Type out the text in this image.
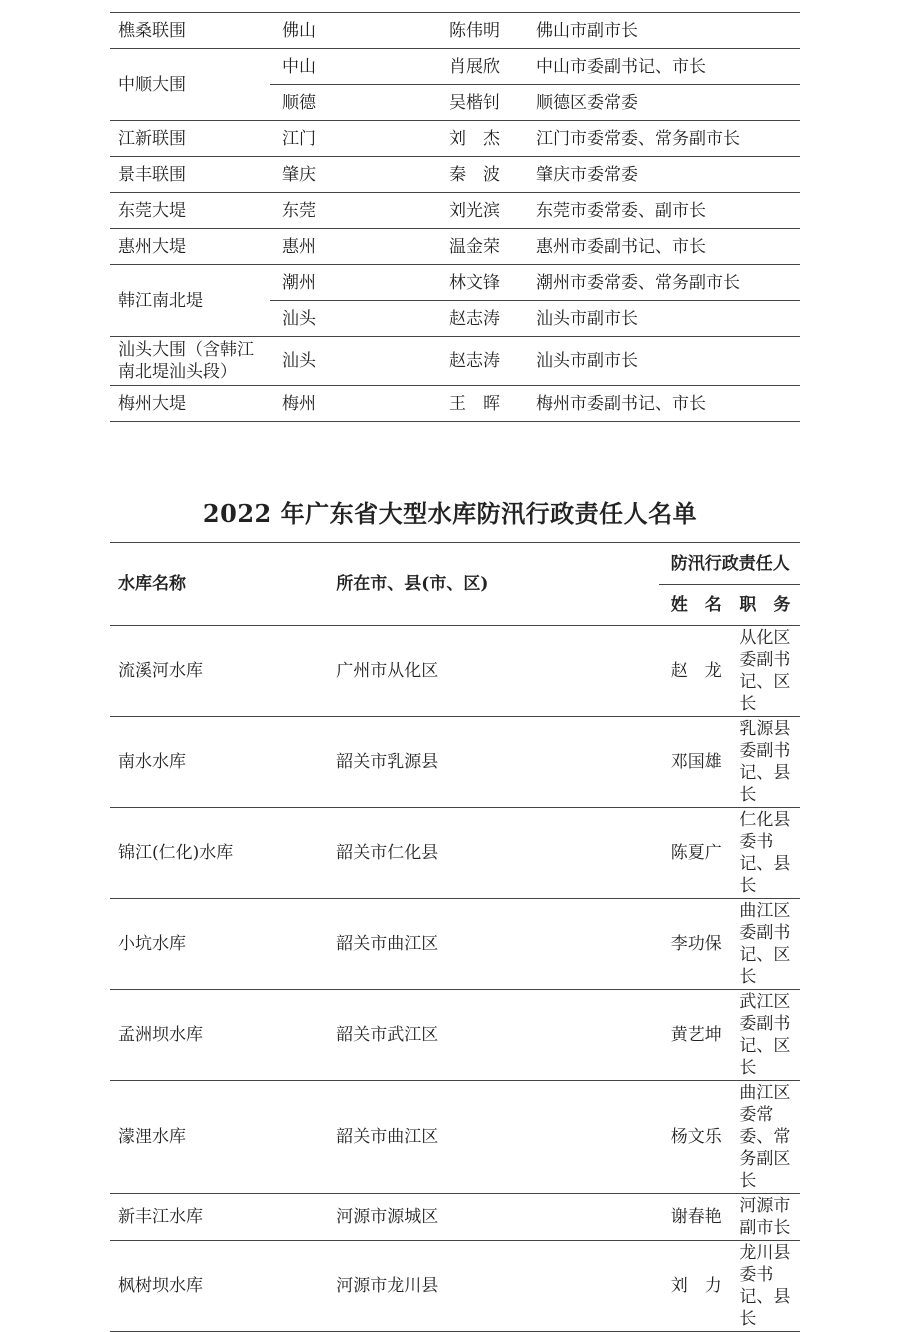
樵桑联围	佛山	陈伟明	佛山市副市长
中顺大围	中山	肖展欣	中山市委副书记、市长
	顺德	吴楷钊	顺德区委常委
江新联围	江门	刘　杰	江门市委常委、常务副市长
景丰联围	肇庆	秦　波	肇庆市委常委
东莞大堤	东莞	刘光滨	东莞市委常委、副市长
惠州大堤	惠州	温金荣	惠州市委副书记、市长
韩江南北堤	潮州	林文锋	潮州市委常委、常务副市长
	汕头	赵志涛	汕头市副市长
汕头大围（含韩江南北堤汕头段）	汕头	赵志涛	汕头市副市长
梅州大堤	梅州	王　晖	梅州市委副书记、市长
2022 年广东省大型水库防汛行政责任人名单
水库名称	所在市、县(市、区)	防汛行政责任人	
		姓　名	职　务
流溪河水库	广州市从化区	赵　龙	从化区委副书记、区长
南水水库	韶关市乳源县	邓国雄	乳源县委副书记、县长
锦江(仁化)水库	韶关市仁化县	陈夏广	仁化县委书记、县长
小坑水库	韶关市曲江区	李功保	曲江区委副书记、区长
孟洲坝水库	韶关市武江区	黄艺坤	武江区委副书记、区长
濛浬水库	韶关市曲江区	杨文乐	曲江区委常委、常务副区长
新丰江水库	河源市源城区	谢春艳	河源市副市长
枫树坝水库	河源市龙川县	刘　力	龙川县委书记、县长
